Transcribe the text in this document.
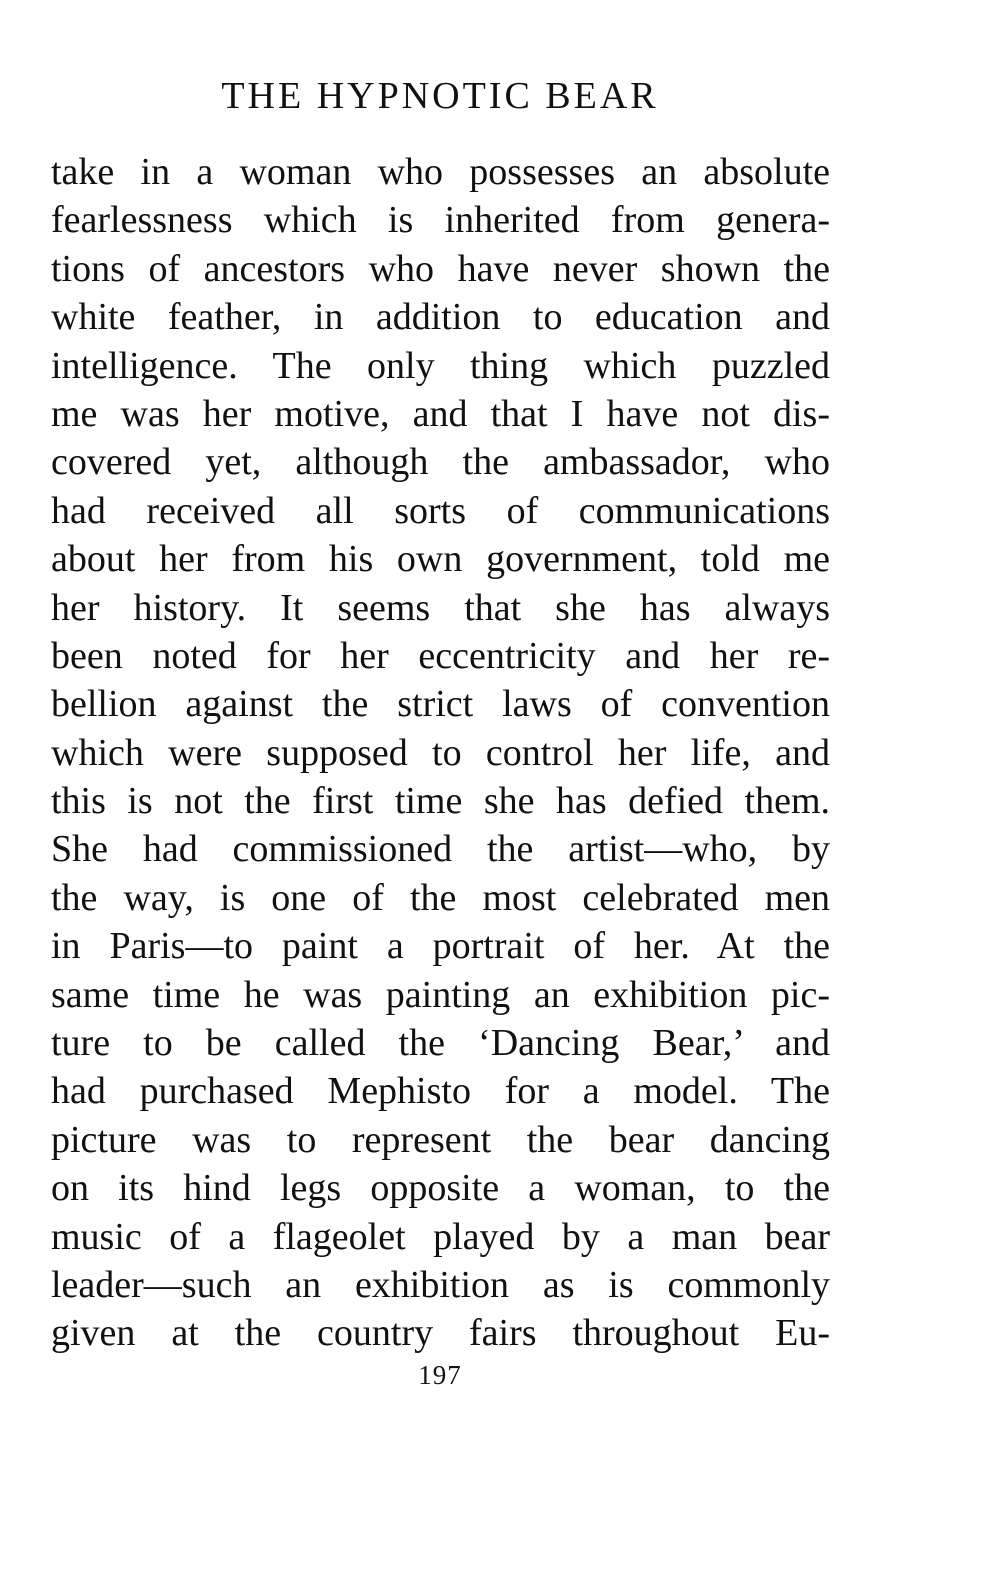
THE HYPNOTIC BEAR
take in a woman who possesses an absolute
fearlessness which is inherited from genera-
tions of ancestors who have never shown the
white feather, in addition to education and
intelligence. The only thing which puzzled
me was her motive, and that I have not dis-
covered yet, although the ambassador, who
had received all sorts of communications
about her from his own government, told me
her history. It seems that she has always
been noted for her eccentricity and her re-
bellion against the strict laws of convention
which were supposed to control her life, and
this is not the first time she has defied them.
She had commissioned the artist—who, by
the way, is one of the most celebrated men
in Paris—to paint a portrait of her. At the
same time he was painting an exhibition pic-
ture to be called the ‘Dancing Bear,’ and
had purchased Mephisto for a model. The
picture was to represent the bear dancing
on its hind legs opposite a woman, to the
music of a flageolet played by a man bear
leader—such an exhibition as is commonly
given at the country fairs throughout Eu-
197
